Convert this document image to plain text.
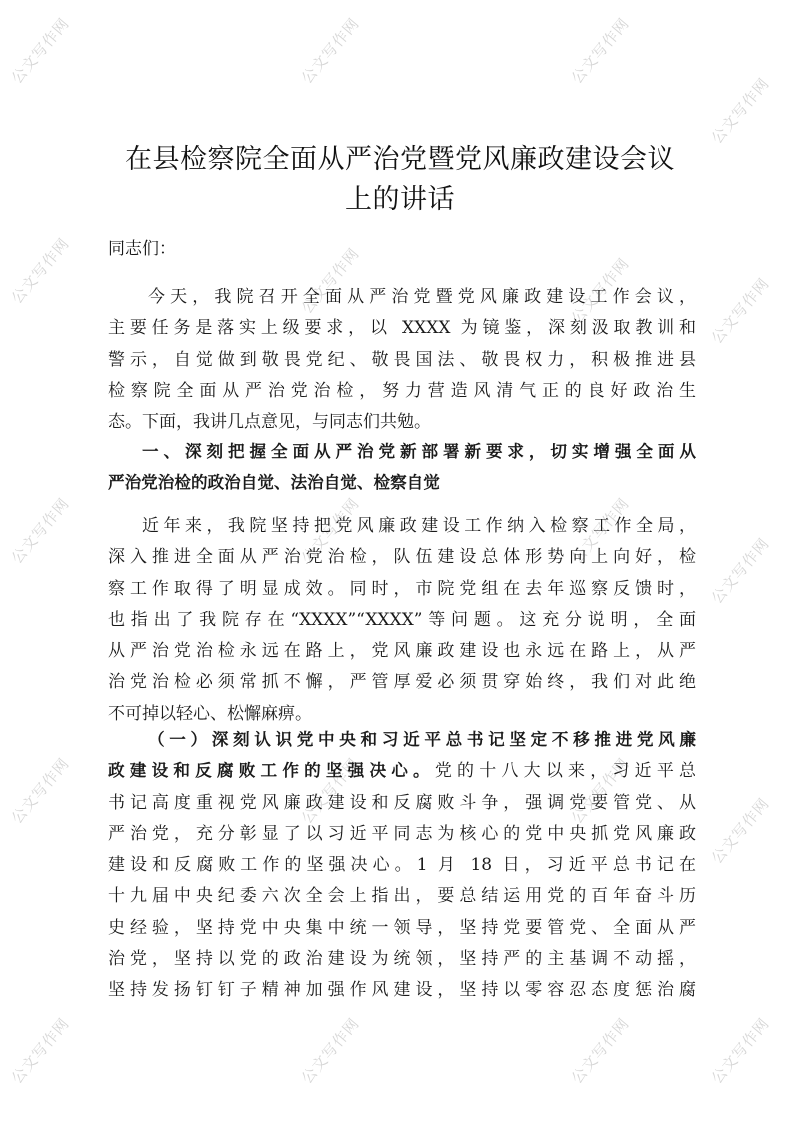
公文写作网	公文写作网	公文写作网
公文写作网
公文写作网	公文写作网	公文写作网	公文写作网
公文写作网	公文写作网	公文写作网
公文写作网
公文写作网	公文写作网	公文写作网
公文写作网
公文写作网	公文写作网	公文写作网	公文写作网
在县检察院全面从严治党暨党风廉政建设会议
上的讲话

同志们：

今天，我院召开全面从严治党暨党风廉政建设工作会议，
主要任务是落实上级要求，以 XXXX 为镜鉴，深刻汲取教训和
警示，自觉做到敬畏党纪、敬畏国法、敬畏权力，积极推进县
检察院全面从严治党治检，努力营造风清气正的良好政治生
态。下面，我讲几点意见，与同志们共勉。

一、深刻把握全面从严治党新部署新要求，切实增强全面从
严治党治检的政治自觉、法治自觉、检察自觉

近年来，我院坚持把党风廉政建设工作纳入检察工作全局，
深入推进全面从严治党治检，队伍建设总体形势向上向好，检
察工作取得了明显成效。同时，市院党组在去年巡察反馈时，
也指出了我院存在“XXXX”“XXXX”等问题。这充分说明，全面
从严治党治检永远在路上，党风廉政建设也永远在路上，从严
治党治检必须常抓不懈，严管厚爱必须贯穿始终，我们对此绝
不可掉以轻心、松懈麻痹。

（一）深刻认识党中央和习近平总书记坚定不移推进党风廉
政建设和反腐败工作的坚强决心。党的十八大以来，习近平总
书记高度重视党风廉政建设和反腐败斗争，强调党要管党、从
严治党，充分彰显了以习近平同志为核心的党中央抓党风廉政
建设和反腐败工作的坚强决心。1 月 18 日，习近平总书记在
十九届中央纪委六次全会上指出，要总结运用党的百年奋斗历
史经验，坚持党中央集中统一领导，坚持党要管党、全面从严
治党，坚持以党的政治建设为统领，坚持严的主基调不动摇，
坚持发扬钉钉子精神加强作风建设，坚持以零容忍态度惩治腐
